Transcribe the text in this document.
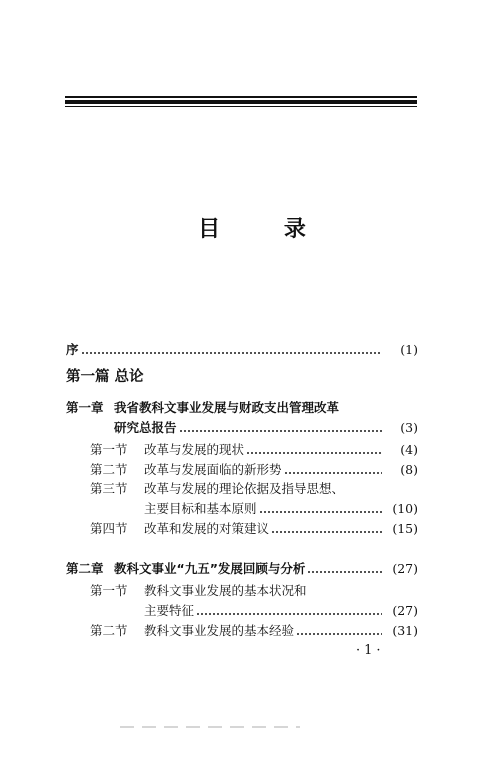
目 录
序	(1)
第一篇 总论
第一章 我省教科文事业发展与财政支出管理改革
研究总报告	(3)
第一节	改革与发展的现状	(4)
第二节	改革与发展面临的新形势	(8)
第三节	改革与发展的理论依据及指导思想、
主要目标和基本原则	(10)
第四节	改革和发展的对策建议	(15)
第二章 教科文事业“九五”发展回顾与分析	(27)
第一节	教科文事业发展的基本状况和
主要特征	(27)
第二节	教科文事业发展的基本经验	(31)
·1·
